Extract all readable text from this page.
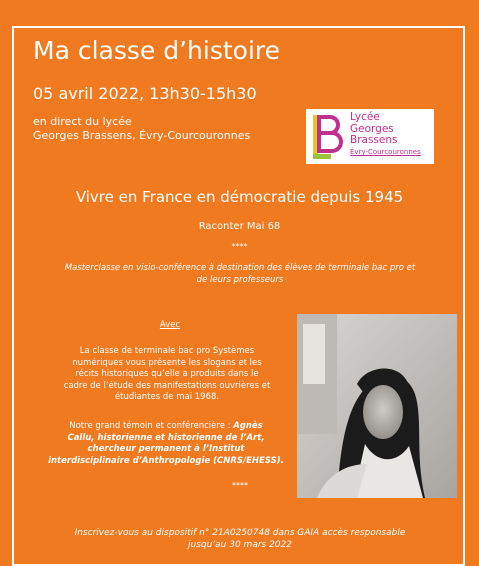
Ma classe d’histoire
05 avril 2022, 13h30-15h30
en direct du lycée
Georges Brassens, Évry-Courcouronnes
Lycée
Georges
Brassens
Évry-Courcouronnes
Vivre en France en démocratie depuis 1945
Raconter Mai 68
****
Masterclasse en visio-conférence à destination des élèves de terminale bac pro et
de leurs professeurs
Avec
La classe de terminale bac pro Systèmes
numériques vous présente les slogans et les
récits historiques qu’elle a produits dans le
cadre de l’étude des manifestations ouvrières et
étudiantes de mai 1968.
Notre grand témoin et conférencière : Agnès
Callu, historienne et historienne de l’Art,
chercheur permanent à l’Institut
interdisciplinaire d’Anthropologie (CNRS/EHESS).
****
Inscrivez-vous au dispositif n° 21A0250748 dans GAIA accès responsable
jusqu’au 30 mars 2022
